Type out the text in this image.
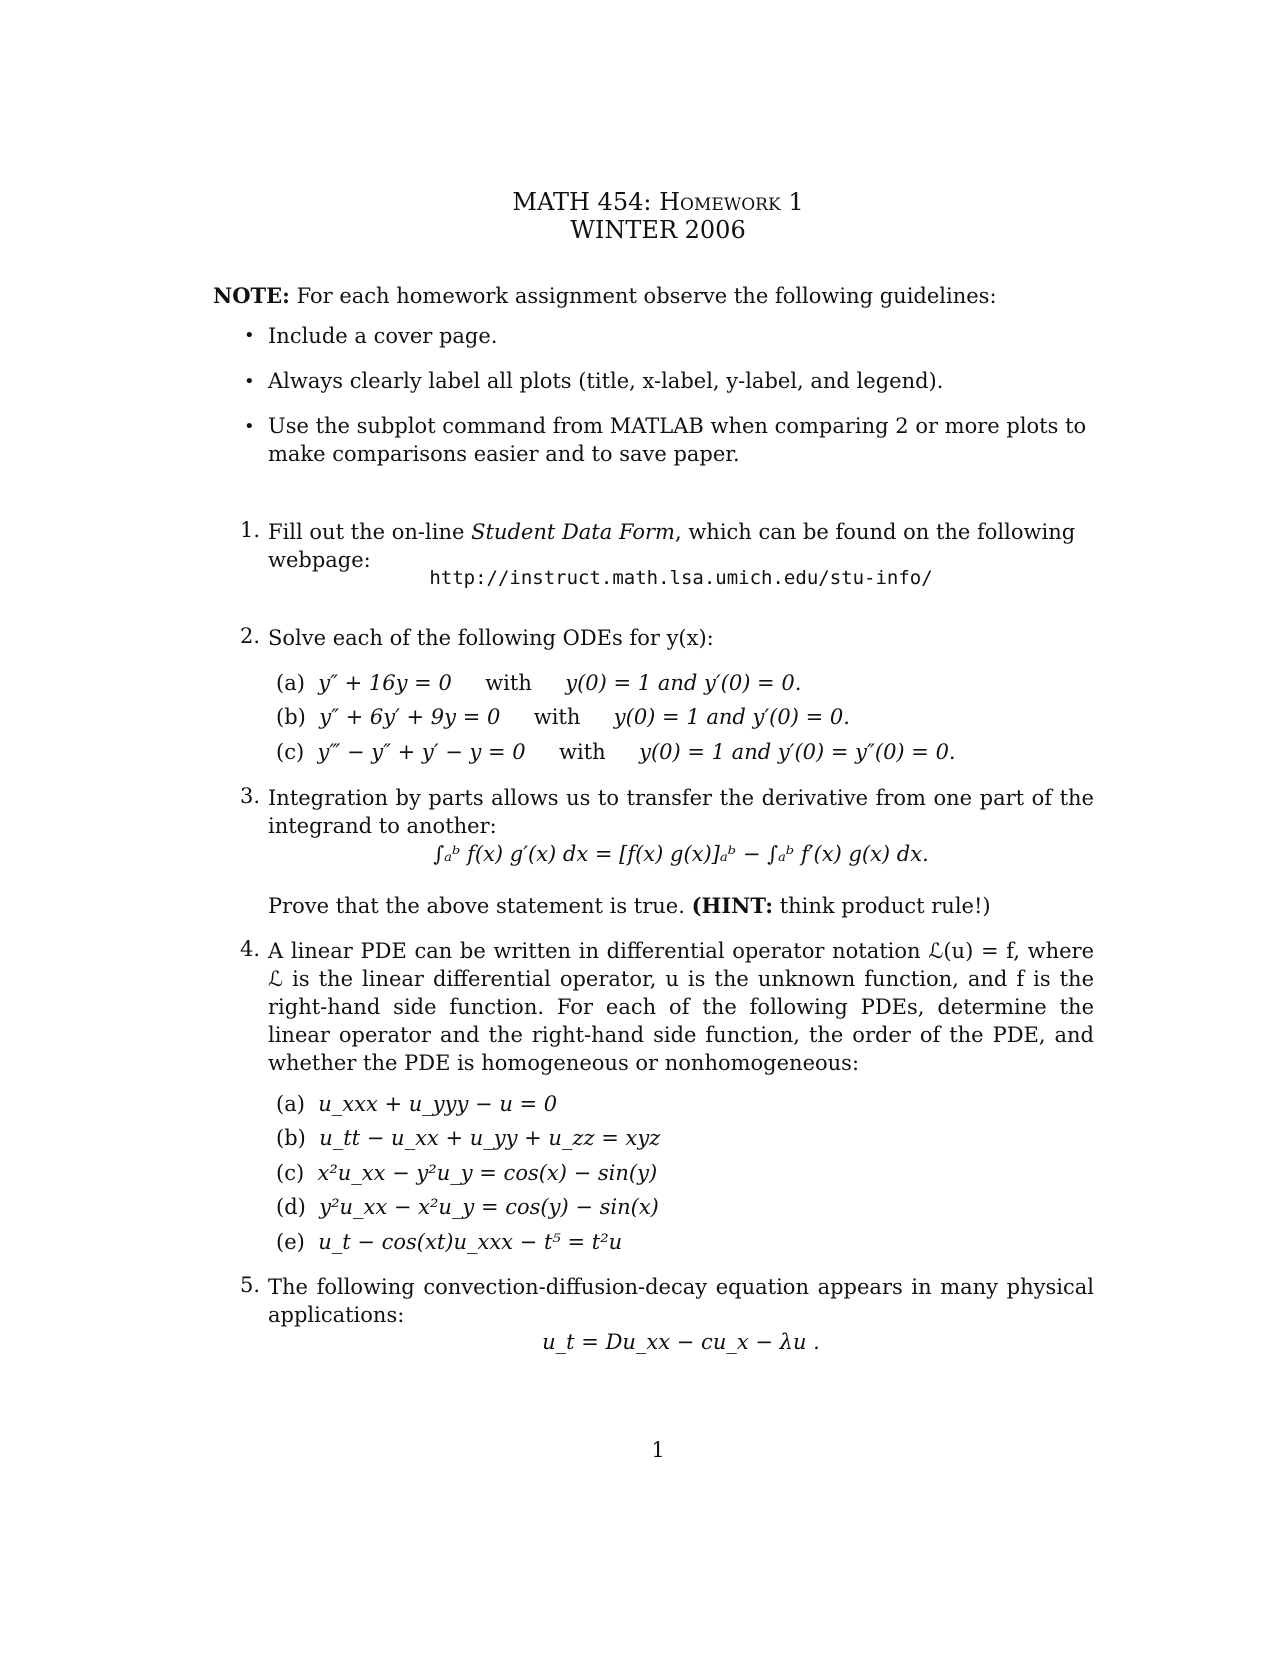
MATH 454: Homework 1
WINTER 2006
NOTE: For each homework assignment observe the following guidelines:
• Include a cover page.
• Always clearly label all plots (title, x-label, y-label, and legend).
• Use the subplot command from MATLAB when comparing 2 or more plots to make comparisons easier and to save paper.
1. Fill out the on-line Student Data Form, which can be found on the following webpage:
http://instruct.math.lsa.umich.edu/stu-info/
2. Solve each of the following ODEs for y(x):
(a) y″ + 16y = 0 with y(0) = 1 and y′(0) = 0.
(b) y″ + 6y′ + 9y = 0 with y(0) = 1 and y′(0) = 0.
(c) y‴ − y″ + y′ − y = 0 with y(0) = 1 and y′(0) = y″(0) = 0.
3. Integration by parts allows us to transfer the derivative from one part of the integrand to another:
∫ₐᵇ f(x) g′(x) dx = [f(x) g(x)]ₐᵇ − ∫ₐᵇ f′(x) g(x) dx.
Prove that the above statement is true. (HINT: think product rule!)
4. A linear PDE can be written in differential operator notation ℒ(u) = f, where ℒ is the linear differential operator, u is the unknown function, and f is the right-hand side function. For each of the following PDEs, determine the linear operator and the right-hand side function, the order of the PDE, and whether the PDE is homogeneous or nonhomogeneous:
(a) u_xxx + u_yyy − u = 0
(b) u_tt − u_xx + u_yy + u_zz = xyz
(c) x²u_xx − y²u_y = cos(x) − sin(y)
(d) y²u_xx − x²u_y = cos(y) − sin(x)
(e) u_t − cos(xt)u_xxx − t⁵ = t²u
5. The following convection-diffusion-decay equation appears in many physical applications:
u_t = Du_xx − cu_x − λu .
1
